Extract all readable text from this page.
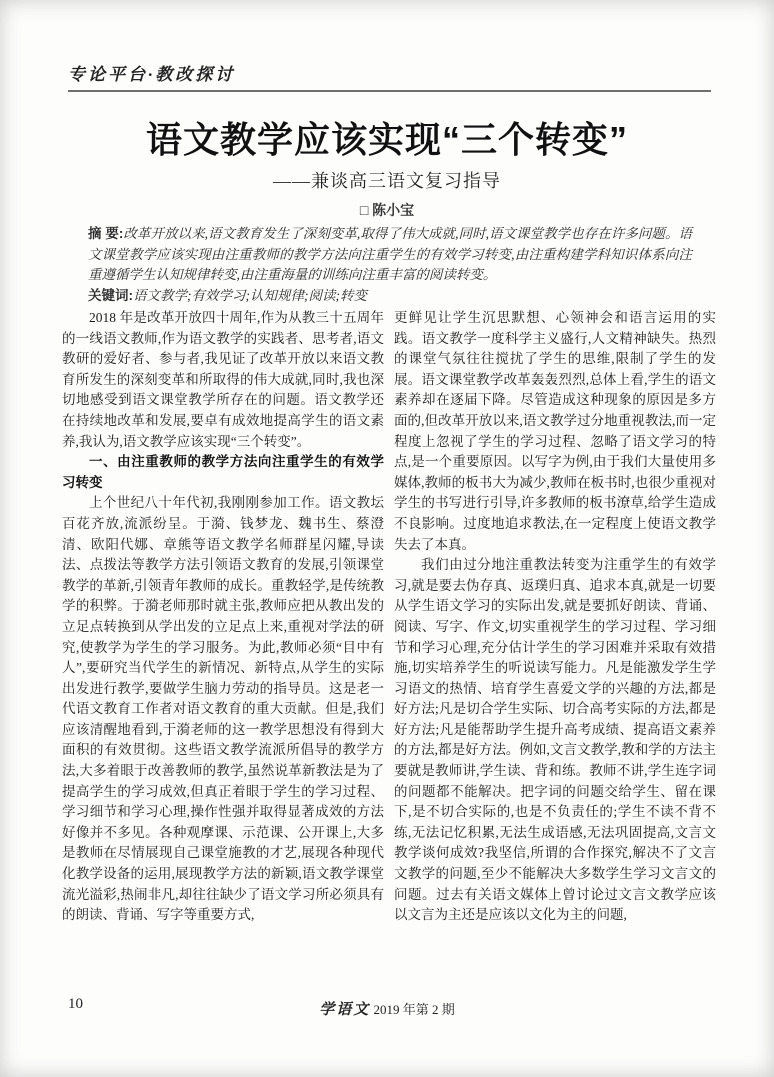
专论平台·教改探讨
语文教学应该实现“三个转变”
——兼谈高三语文复习指导
□ 陈小宝

摘 要:改革开放以来,语文教育发生了深刻变革,取得了伟大成就,同时,语文课堂教学也存在许多问题。语文课堂教学应该实现由注重教师的教学方法向注重学生的有效学习转变,由注重构建学科知识体系向注重遵循学生认知规律转变,由注重海量的训练向注重丰富的阅读转变。

关键词:语文教学;有效学习;认知规律;阅读;转变

2018 年是改革开放四十周年,作为从教三十五周年的一线语文教师,作为语文教学的实践者、思考者,语文教研的爱好者、参与者,我见证了改革开放以来语文教育所发生的深刻变革和所取得的伟大成就,同时,我也深切地感受到语文课堂教学所存在的问题。语文教学还在持续地改革和发展,要卓有成效地提高学生的语文素养,我认为,语文教学应该实现“三个转变”。

一、由注重教师的教学方法向注重学生的有效学习转变

上个世纪八十年代初,我刚刚参加工作。语文教坛百花齐放,流派纷呈。于漪、钱梦龙、魏书生、蔡澄清、欧阳代娜、章熊等语文教学名师群星闪耀,导读法、点拨法等教学方法引领语文教育的发展,引领课堂教学的革新,引领青年教师的成长。重教轻学,是传统教学的积弊。于漪老师那时就主张,教师应把从教出发的立足点转换到从学出发的立足点上来,重视对学法的研究,使教学为学生的学习服务。为此,教师必须“目中有人”,要研究当代学生的新情况、新特点,从学生的实际出发进行教学,要做学生脑力劳动的指导员。这是老一代语文教育工作者对语文教育的重大贡献。但是,我们应该清醒地看到,于漪老师的这一教学思想没有得到大面积的有效贯彻。这些语文教学流派所倡导的教学方法,大多着眼于改善教师的教学,虽然说革新教法是为了提高学生的学习成效,但真正着眼于学生的学习过程、学习细节和学习心理,操作性强并取得显著成效的方法好像并不多见。各种观摩课、示范课、公开课上,大多是教师在尽情展现自己课堂施教的才艺,展现各种现代化教学设备的运用,展现教学方法的新颖,语文教学课堂流光溢彩,热闹非凡,却往往缺少了语文学习所必须具有的朗读、背诵、写字等重要方式,

更鲜见让学生沉思默想、心领神会和语言运用的实践。语文教学一度科学主义盛行,人文精神缺失。热烈的课堂气氛往往搅扰了学生的思维,限制了学生的发展。语文课堂教学改革轰轰烈烈,总体上看,学生的语文素养却在逐届下降。尽管造成这种现象的原因是多方面的,但改革开放以来,语文教学过分地重视教法,而一定程度上忽视了学生的学习过程、忽略了语文学习的特点,是一个重要原因。以写字为例,由于我们大量使用多媒体,教师的板书大为减少,教师在板书时,也很少重视对学生的书写进行引导,许多教师的板书潦草,给学生造成不良影响。过度地追求教法,在一定程度上使语文教学失去了本真。

我们由过分地注重教法转变为注重学生的有效学习,就是要去伪存真、返璞归真、追求本真,就是一切要从学生语文学习的实际出发,就是要抓好朗读、背诵、阅读、写字、作文,切实重视学生的学习过程、学习细节和学习心理,充分估计学生的学习困难并采取有效措施,切实培养学生的听说读写能力。凡是能激发学生学习语文的热情、培育学生喜爱文学的兴趣的方法,都是好方法;凡是切合学生实际、切合高考实际的方法,都是好方法;凡是能帮助学生提升高考成绩、提高语文素养的方法,都是好方法。例如,文言文教学,教和学的方法主要就是教师讲,学生读、背和练。教师不讲,学生连字词的问题都不能解决。把字词的问题交给学生、留在课下,是不切合实际的,也是不负责任的;学生不读不背不练,无法记忆积累,无法生成语感,无法巩固提高,文言文教学谈何成效?我坚信,所谓的合作探究,解决不了文言文教学的问题,至少不能解决大多数学生学习文言文的问题。过去有关语文媒体上曾讨论过文言文教学应该以文言为主还是应该以文化为主的问题,

10	学语文 2019 年第 2 期
